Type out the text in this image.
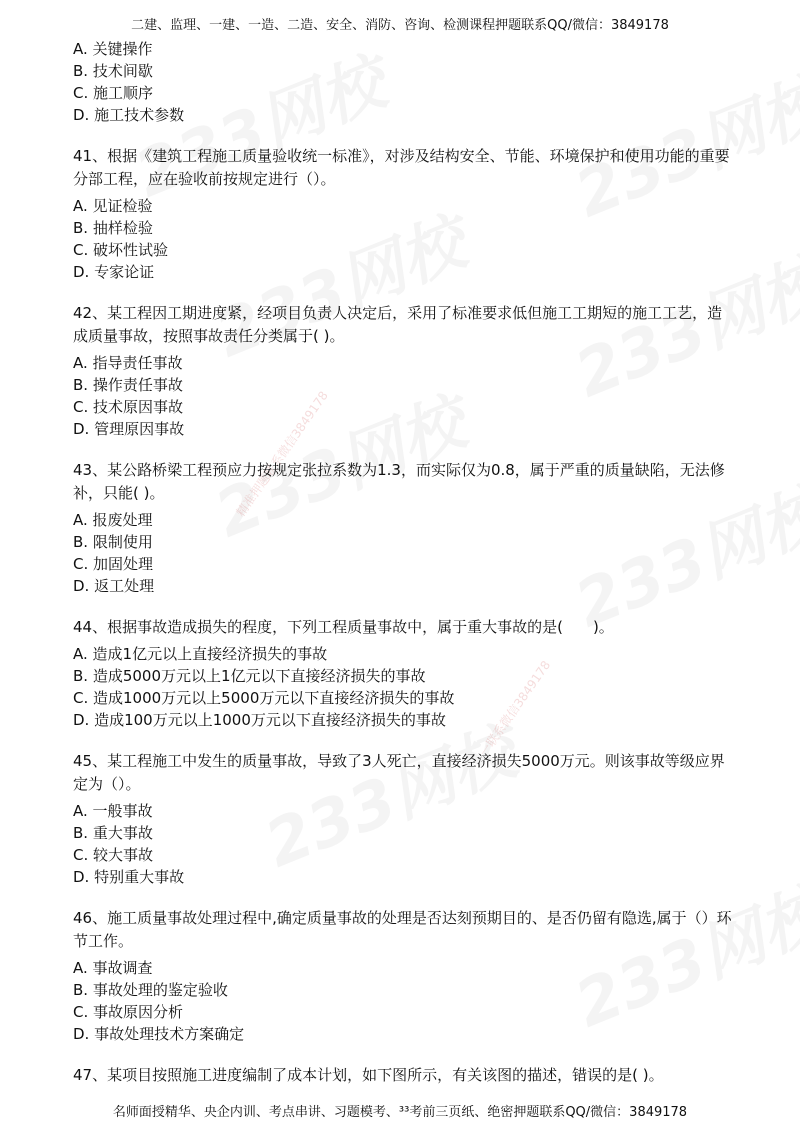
精准押题联系微信3849178
一联系微信3849178
二建、监理、一建、一造、二造、安全、消防、咨询、检测课程押题联系QQ/微信：3849178
A. 关键操作
B. 技术间歇
C. 施工顺序
D. 施工技术参数
41、根据《建筑工程施工质量验收统一标准》，对涉及结构安全、节能、环境保护和使用功能的重要分部工程，应在验收前按规定进行（）。
A. 见证检验
B. 抽样检验
C. 破坏性试验
D. 专家论证
42、某工程因工期进度紧，经项目负责人决定后，采用了标准要求低但施工工期短的施工工艺，造成质量事故，按照事故责任分类属于( )。
A. 指导责任事故
B. 操作责任事故
C. 技术原因事故
D. 管理原因事故
43、某公路桥梁工程预应力按规定张拉系数为1.3，而实际仅为0.8，属于严重的质量缺陷，无法修补，只能( )。
A. 报废处理
B. 限制使用
C. 加固处理
D. 返工处理
44、根据事故造成损失的程度，下列工程质量事故中，属于重大事故的是(　　)。
A. 造成1亿元以上直接经济损失的事故
B. 造成5000万元以上1亿元以下直接经济损失的事故
C. 造成1000万元以上5000万元以下直接经济损失的事故
D. 造成100万元以上1000万元以下直接经济损失的事故
45、某工程施工中发生的质量事故，导致了3人死亡，直接经济损失5000万元。则该事故等级应界定为（）。
A. 一般事故
B. 重大事故
C. 较大事故
D. 特别重大事故
46、施工质量事故处理过程中,确定质量事故的处理是否达刻预期目的、是否仍留有隐选,属于（）环节工作。
A. 事故调查
B. 事故处理的鉴定验收
C. 事故原因分析
D. 事故处理技术方案确定
47、某项目按照施工进度编制了成本计划，如下图所示，有关该图的描述，错误的是( )。
名师面授精华、央企内训、考点串讲、习题模考、³³考前三页纸、绝密押题联系QQ/微信：3849178
